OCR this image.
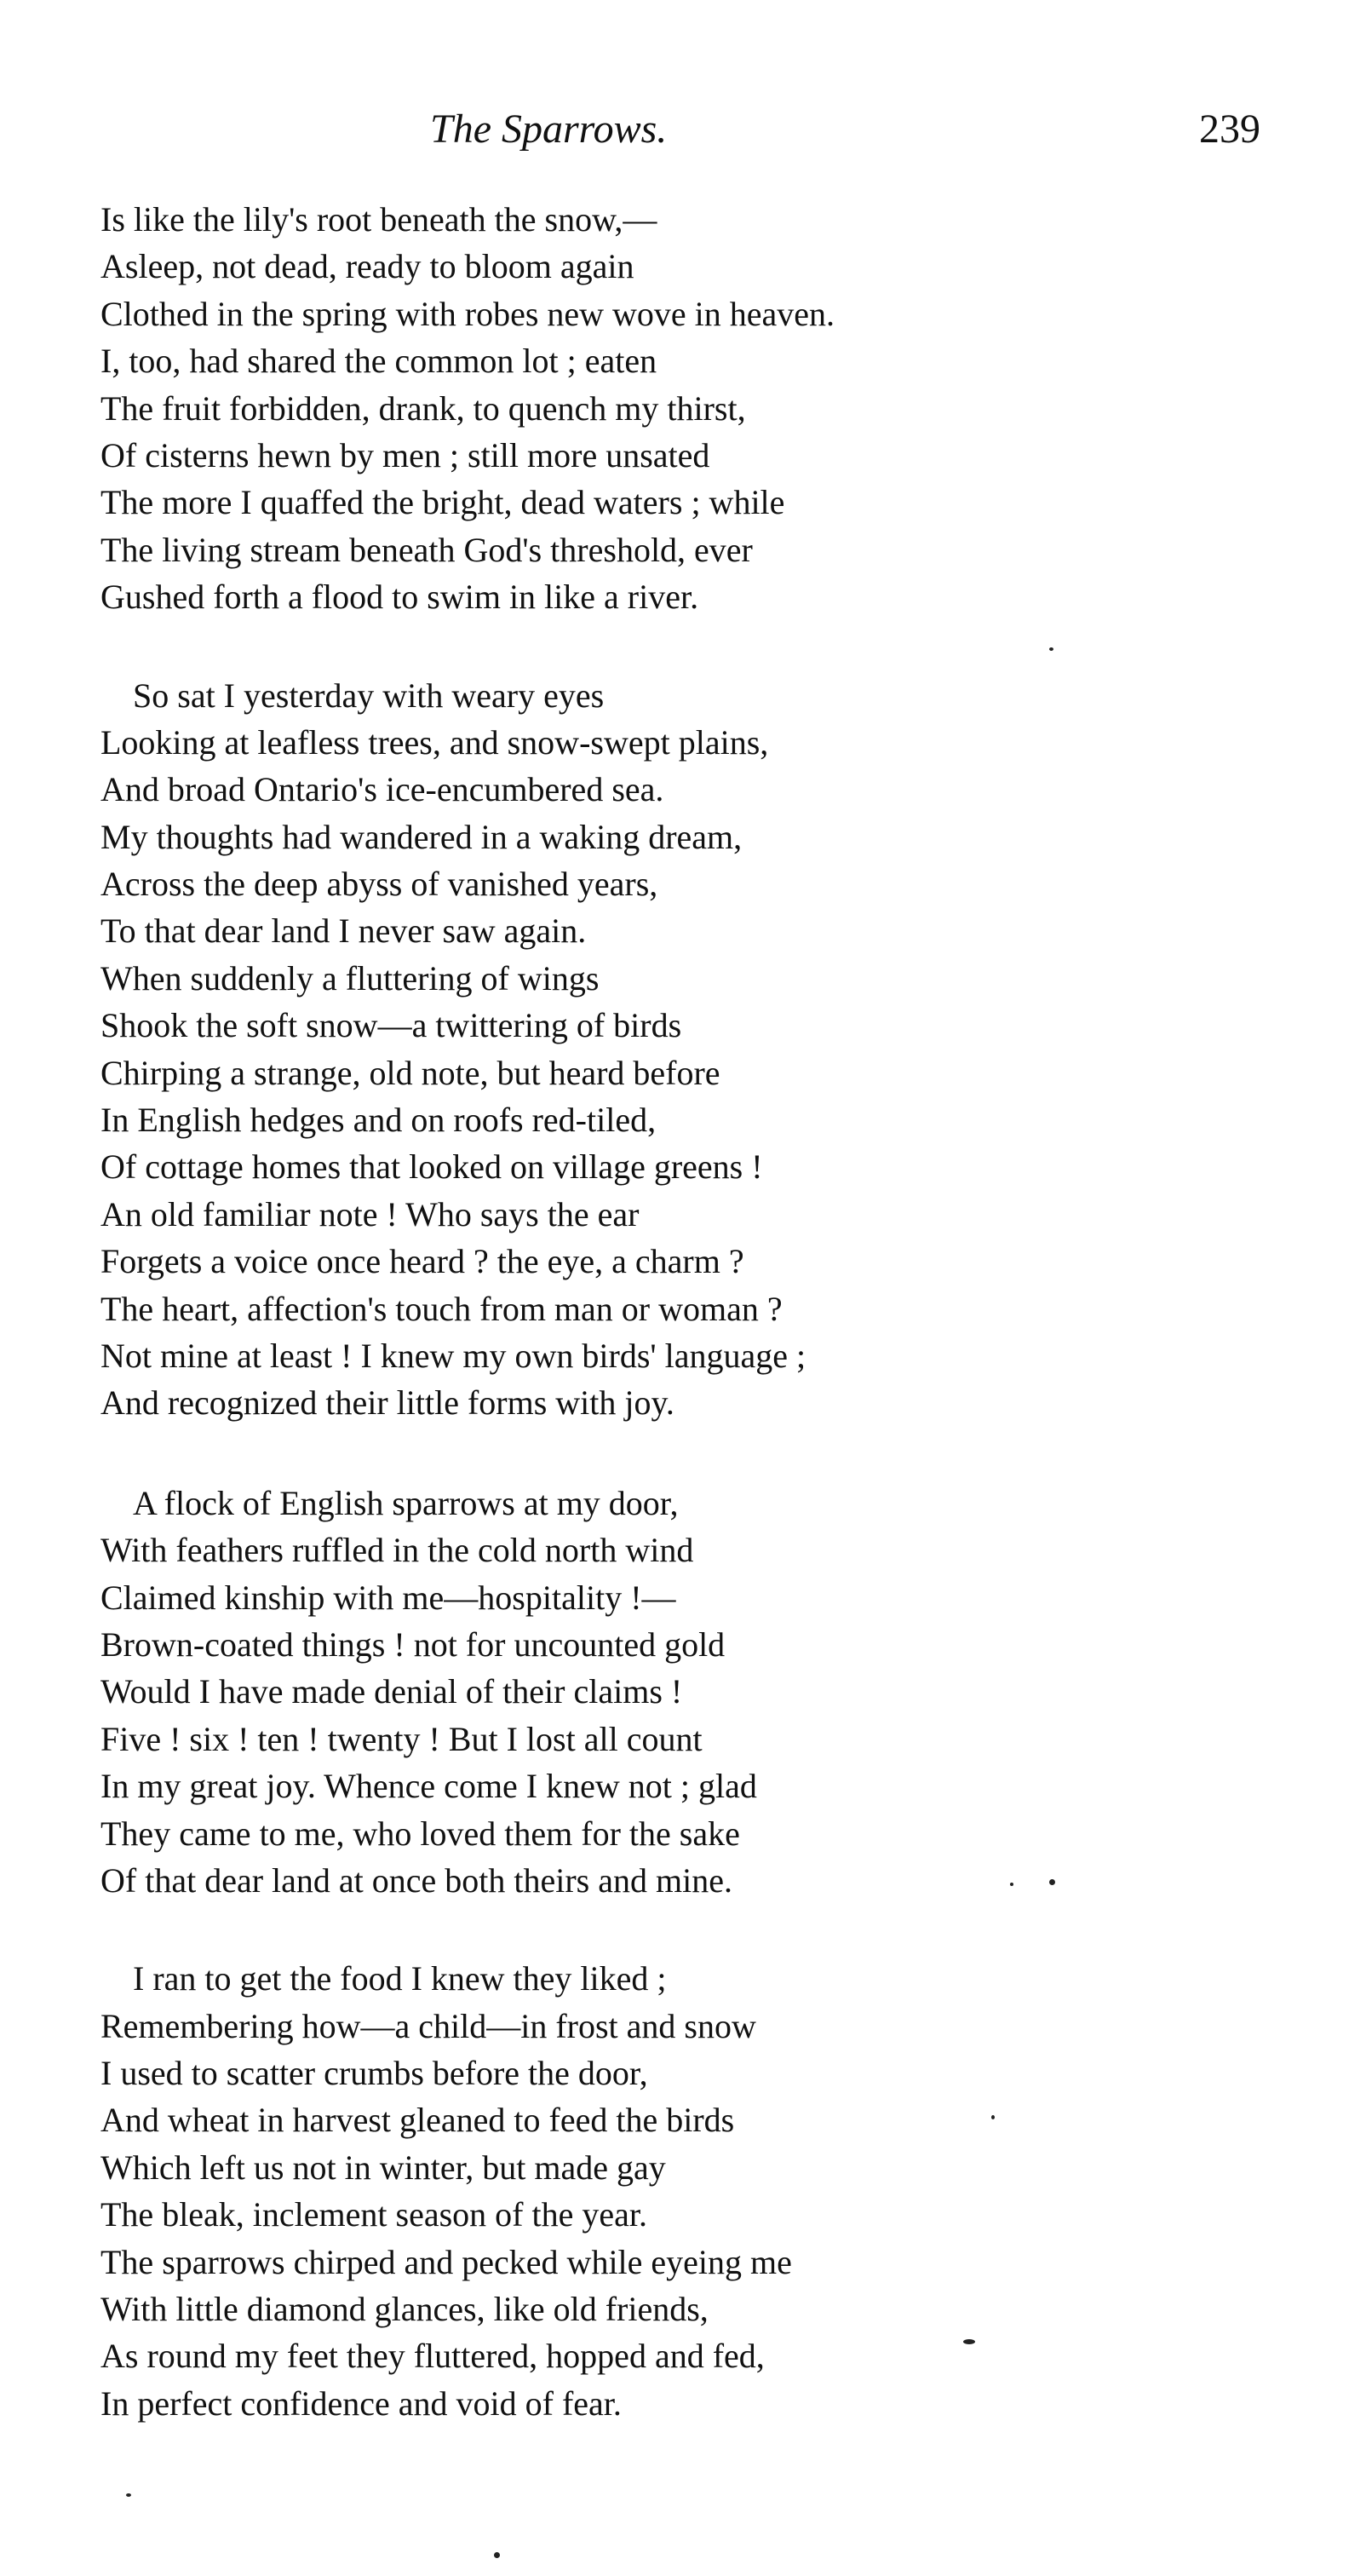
The Sparrows.	239
Is like the lily's root beneath the snow,—
Asleep, not dead, ready to bloom again
Clothed in the spring with robes new wove in heaven.
I, too, had shared the common lot ; eaten
The fruit forbidden, drank, to quench my thirst,
Of cisterns hewn by men ; still more unsated
The more I quaffed the bright, dead waters ; while
The living stream beneath God's threshold, ever
Gushed forth a flood to swim in like a river.
So sat I yesterday with weary eyes
Looking at leafless trees, and snow-swept plains,
And broad Ontario's ice-encumbered sea.
My thoughts had wandered in a waking dream,
Across the deep abyss of vanished years,
To that dear land I never saw again.
When suddenly a fluttering of wings
Shook the soft snow—a twittering of birds
Chirping a strange, old note, but heard before
In English hedges and on roofs red-tiled,
Of cottage homes that looked on village greens !
An old familiar note ! Who says the ear
Forgets a voice once heard ? the eye, a charm ?
The heart, affection's touch from man or woman ?
Not mine at least ! I knew my own birds' language ;
And recognized their little forms with joy.
A flock of English sparrows at my door,
With feathers ruffled in the cold north wind
Claimed kinship with me—hospitality !—
Brown-coated things ! not for uncounted gold
Would I have made denial of their claims !
Five ! six ! ten ! twenty ! But I lost all count
In my great joy. Whence come I knew not ; glad
They came to me, who loved them for the sake
Of that dear land at once both theirs and mine.
I ran to get the food I knew they liked ;
Remembering how—a child—in frost and snow
I used to scatter crumbs before the door,
And wheat in harvest gleaned to feed the birds
Which left us not in winter, but made gay
The bleak, inclement season of the year.
The sparrows chirped and pecked while eyeing me
With little diamond glances, like old friends,
As round my feet they fluttered, hopped and fed,
In perfect confidence and void of fear.
